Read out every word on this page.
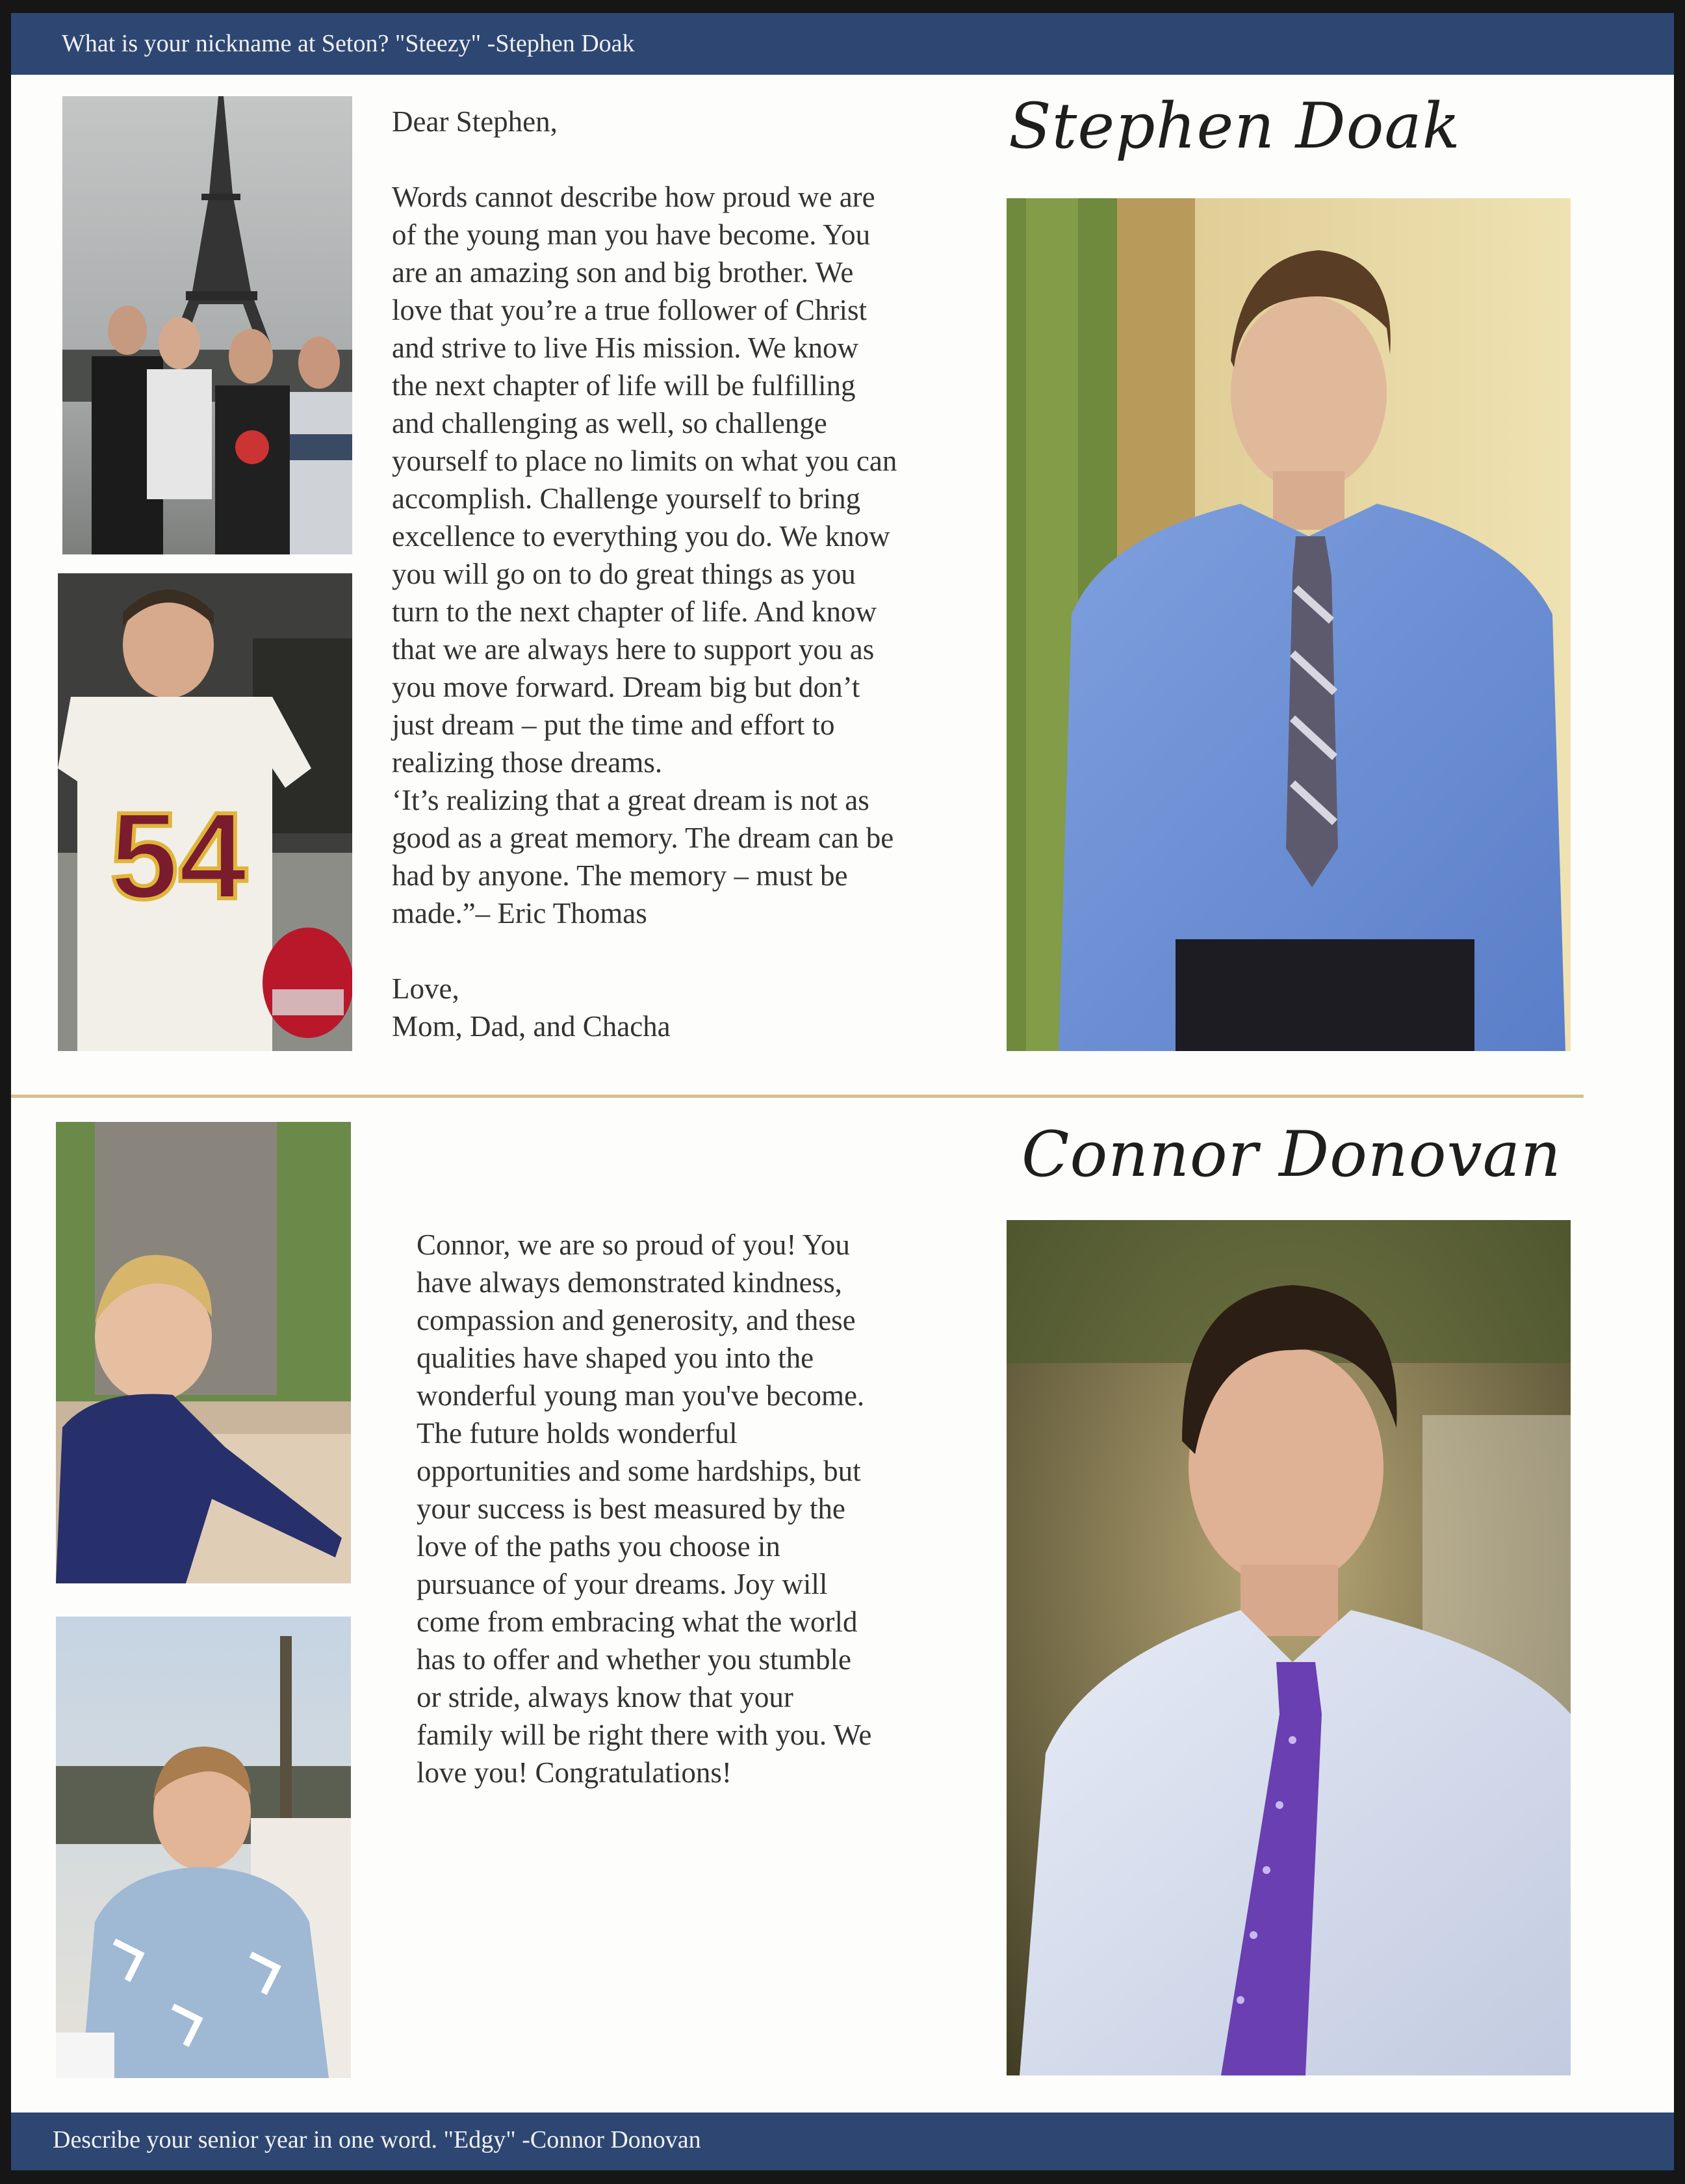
What is your nickname at Seton? "Steezy" -Stephen Doak
54

Dear Stephen,

Words cannot describe how proud we are

of the young man you have become. You

are an amazing son and big brother. We

love that you’re a true follower of Christ

and strive to live His mission. We know

the next chapter of life will be fulfilling

and challenging as well, so challenge

yourself to place no limits on what you can

accomplish. Challenge yourself to bring

excellence to everything you do. We know

you will go on to do great things as you

turn to the next chapter of life. And know

that we are always here to support you as

you move forward. Dream big but don’t

just dream – put the time and effort to

realizing those dreams.

‘It’s realizing that a great dream is not as

good as a great memory. The dream can be

had by anyone. The memory – must be

made.”– Eric Thomas

Love,

Mom, Dad, and Chacha

Stephen Doak

Connor, we are so proud of you! You

have always demonstrated kindness,

compassion and generosity, and these

qualities have shaped you into the

wonderful young man you've become.

The future holds wonderful

opportunities and some hardships, but

your success is best measured by the

love of the paths you choose in

pursuance of your dreams. Joy will

come from embracing what the world

has to offer and whether you stumble

or stride, always know that your

family will be right there with you. We

love you! Congratulations!

Connor Donovan
Describe your senior year in one word. "Edgy" -Connor Donovan
